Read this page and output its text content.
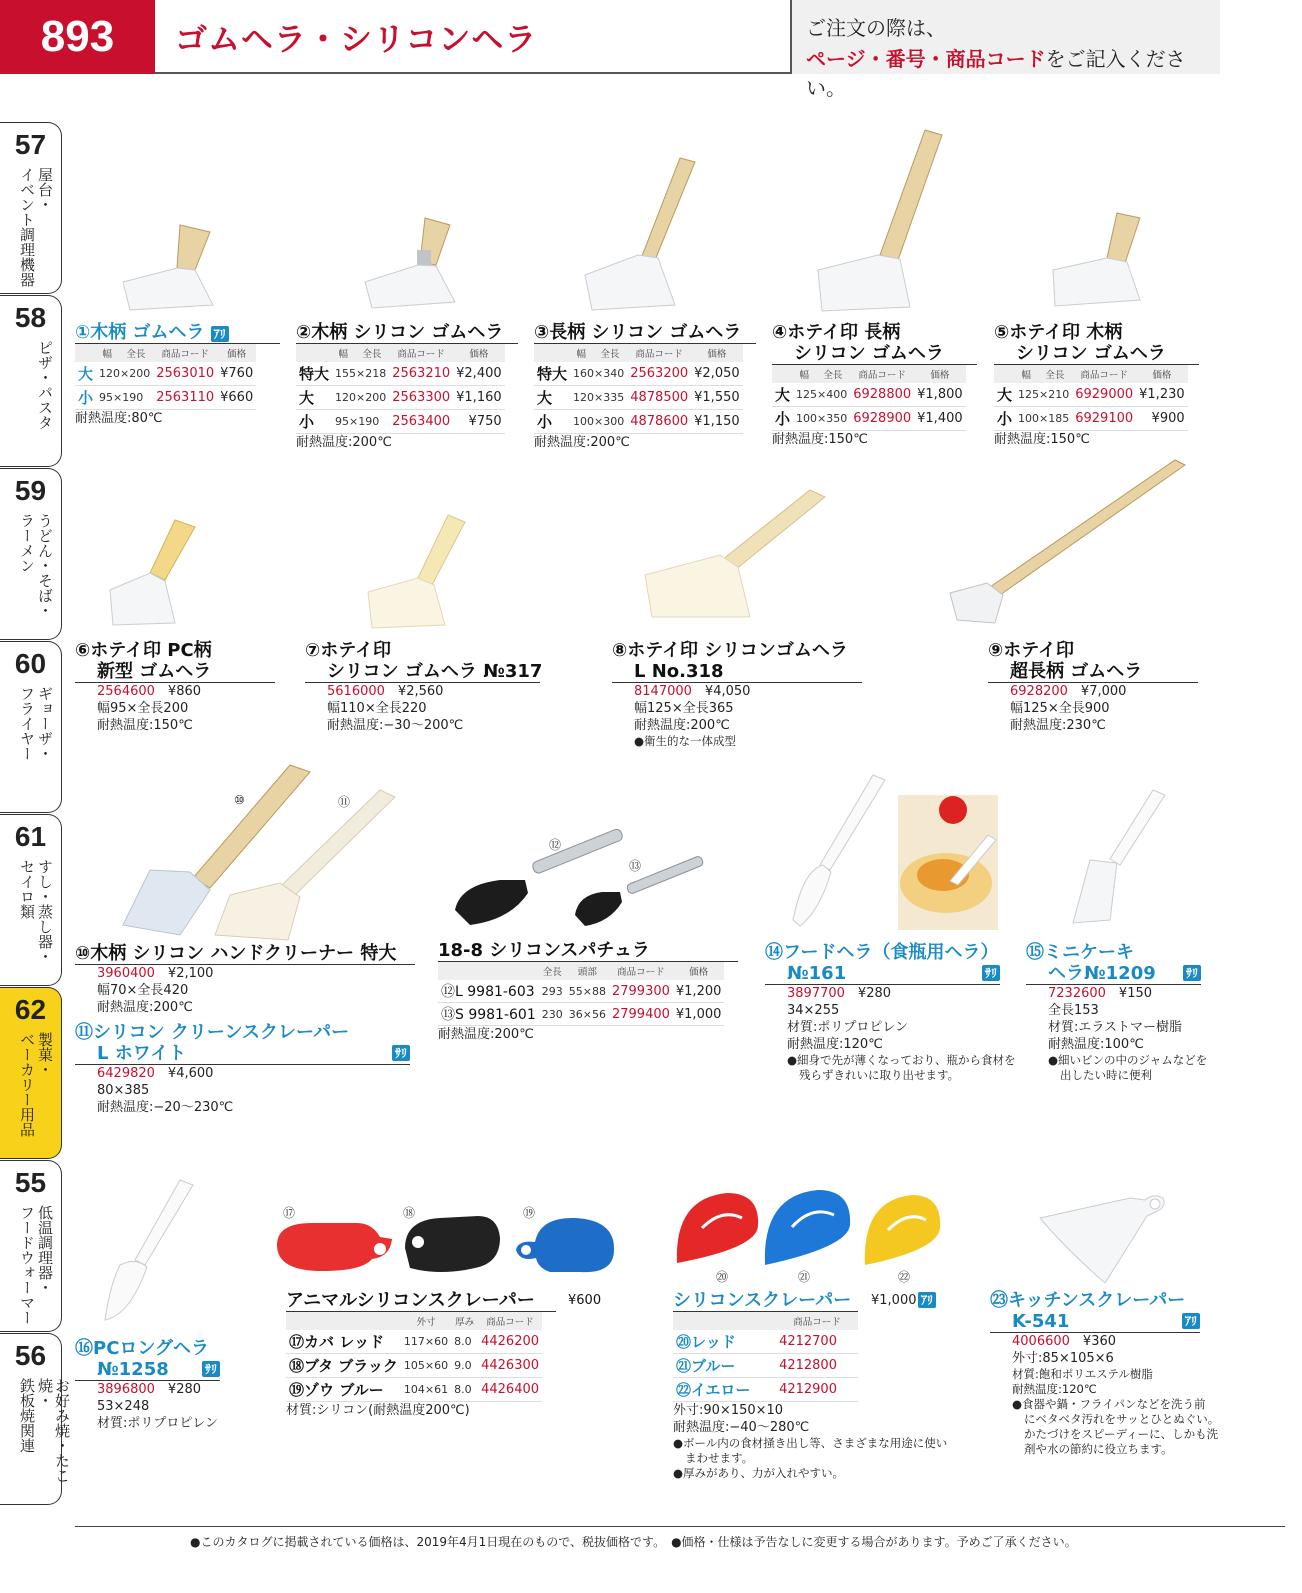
893	ゴムヘラ・シリコンヘラ	ご注文の際は、
ページ・番号・商品コードをご記入ください。
57
屋台・
イベント調理機器
58
ピザ・パスタ
59
うどん・そば・
ラーメン
60
ギョーザ・
フライヤー
61
すし・蒸し器・
セイロ類
62
製菓・
ベーカリー用品
55
低温調理器・
フードウォーマー
56
お好み焼・たこ焼・
鉄板焼関連
⑩	⑪
⑫
⑬
⑰	⑱	⑲
⑳	㉑	㉒
①木柄 ゴムヘラ ｱﾘ
	幅	全長	商品コード	価格
大	120×200		2563010	¥760
小	95×190		2563110	¥660
耐熱温度:80℃
②木柄 シリコン ゴムヘラ
	幅	全長	商品コード	価格
特大	155×218		2563210	¥2,400
大	120×200		2563300	¥1,160
小	95×190		2563400	¥750
耐熱温度:200℃
③長柄 シリコン ゴムヘラ
	幅	全長	商品コード	価格
特大	160×340		2563200	¥2,050
大	120×335		4878500	¥1,550
小	100×300		4878600	¥1,150
耐熱温度:200℃
④ホテイ印 長柄
シリコン ゴムヘラ
	幅	全長	商品コード	価格
大	125×400		6928800	¥1,800
小	100×350		6928900	¥1,400
耐熱温度:150℃
⑤ホテイ印 木柄
シリコン ゴムヘラ
	幅	全長	商品コード	価格
大	125×210		6929000	¥1,230
小	100×185		6929100	¥900
耐熱温度:150℃
⑥ホテイ印 PC柄
新型 ゴムヘラ
2564600　 ¥860
幅95×全長200
耐熱温度:150℃
⑦ホテイ印
シリコン ゴムヘラ №317
5616000　 ¥2,560
幅110×全長220
耐熱温度:−30〜200℃
⑧ホテイ印 シリコンゴムヘラ
L No.318
8147000　 ¥4,050
幅125×全長365
耐熱温度:200℃
●衛生的な一体成型
⑨ホテイ印
超長柄 ゴムヘラ
6928200　 ¥7,000
幅125×全長900
耐熱温度:230℃
⑩木柄 シリコン ハンドクリーナー 特大
3960400　 ¥2,100
幅70×全長420
耐熱温度:200℃
⑪シリコン クリーンスクレーパー
L ホワイト	ｻﾘ
6429820　 ¥4,600
80×385
耐熱温度:−20〜230℃
18-8 シリコンスパチュラ
	全長	頭部	商品コード	価格
⑫L 9981-603	293	55×88	2799300	¥1,200
⑬S 9981-601	230	36×56	2799400	¥1,000
耐熱温度:200℃
⑭フードヘラ（食瓶用ヘラ）
№161	ｻﾘ
3897700　 ¥280
34×255
材質:ポリプロピレン
耐熱温度:120℃
●細身で先が薄くなっており、瓶から食材を
残らずきれいに取り出せます。
⑮ミニケーキ
ヘラ№1209	ｻﾘ
7232600　 ¥150
全長153
材質:エラストマー樹脂
耐熱温度:100℃
●細いビンの中のジャムなどを
出したい時に便利
⑯PCロングヘラ
№1258	ｻﾘ
3896800　 ¥280
53×248
材質:ポリプロピレン
アニマルシリコンスクレーパー	¥600
	外寸	厚み	商品コード
⑰カバ レッド	117×60	8.0	4426200
⑱ブタ ブラック	105×60	9.0	4426300
⑲ゾウ ブルー	104×61	8.0	4426400
材質:シリコン(耐熱温度200℃)
シリコンスクレーパー ¥1,000 ｱﾘ
	商品コード
⑳レッド	4212700
㉑ブルー	4212800
㉒イエロー	4212900
外寸:90×150×10
耐熱温度:−40〜280℃
●ボール内の食材掻き出し等、さまざまな用途に使い
まわせます。
●厚みがあり、力が入れやすい。
㉓キッチンスクレーパー
K-541	ｱﾘ
4006600　 ¥360
外寸:85×105×6
材質:飽和ポリエステル樹脂
耐熱温度:120℃
●食器や鍋・フライパンなどを洗う前
にベタベタ汚れをサッとひとぬぐい。
かたづけをスピーディーに、しかも洗
剤や水の節約に役立ちます。
●このカタログに掲載されている価格は、2019年4月1日現在のもので、税抜価格です。　●価格・仕様は予告なしに変更する場合があります。予めご了承ください。
